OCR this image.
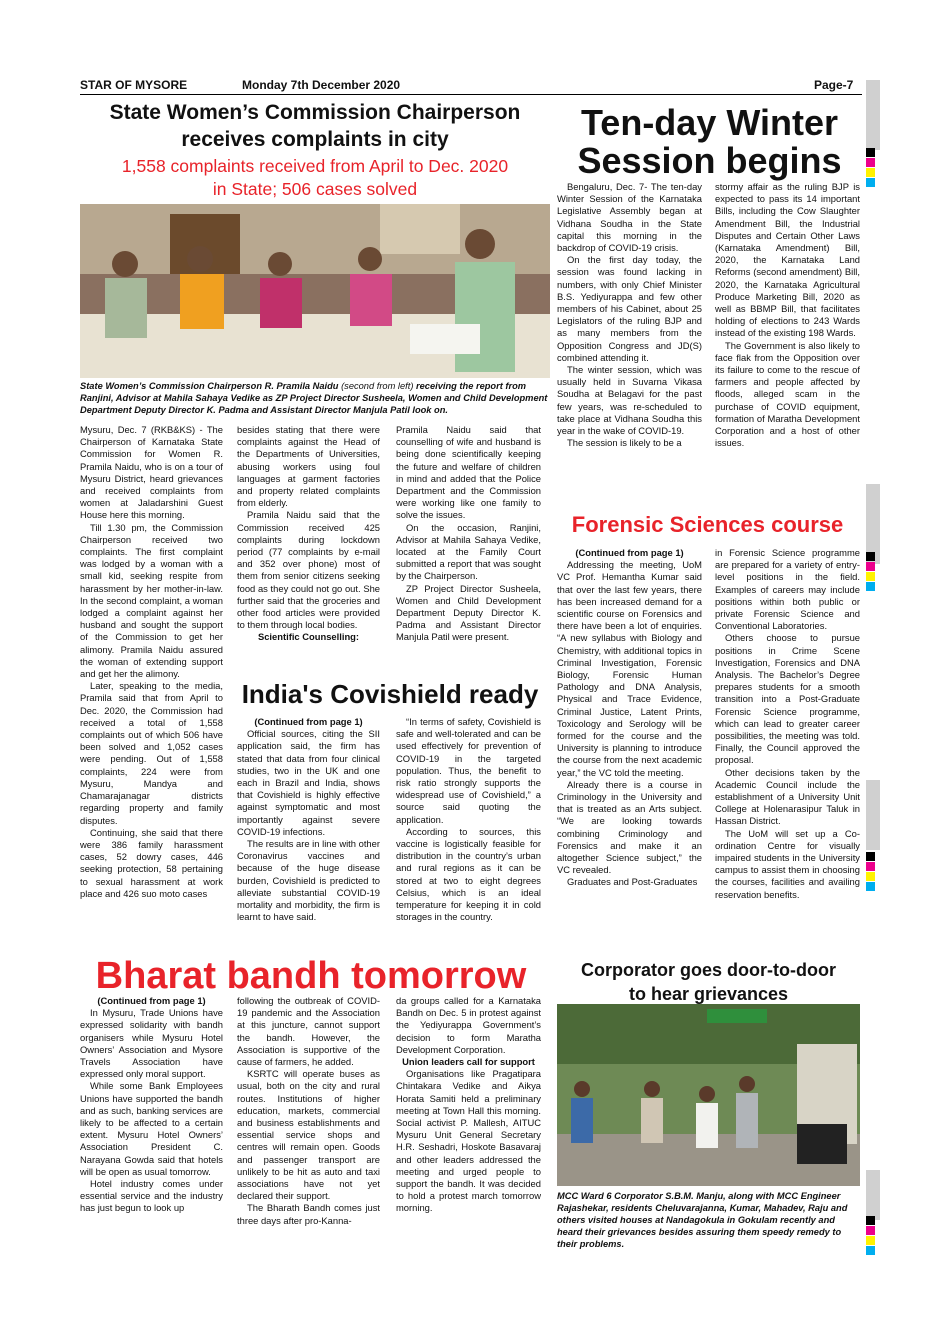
STAR OF MYSORE	Monday 7th December 2020	Page-7
State Women’s Commission Chairperson
receives complaints in city
1,558 complaints received from April to Dec. 2020
in State; 506 cases solved
State Women’s Commission Chairperson R. Pramila Naidu (second from left) receiving the report from Ranjini, Advisor at Mahila Sahaya Vedike as ZP Project Director Susheela, Women and Child Development Department Deputy Director K. Padma and Assistant Director Manjula Patil look on.

Mysuru, Dec. 7 (RKB&KS) - The Chairperson of Karnataka State Commission for Women R. Pramila Naidu, who is on a tour of Mysuru District, heard grievances and received complaints from women at Jaladarshini Guest House here this morning.

Till 1.30 pm, the Commission Chairperson received two complaints. The first complaint was lodged by a woman with a small kid, seeking respite from harassment by her mother-in-law. In the second complaint, a woman lodged a complaint against her husband and sought the support of the Commission to get her alimony. Pramila Naidu assured the woman of extending support and get her the alimony.

Later, speaking to the media, Pramila said that from April to Dec. 2020, the Commission had received a total of 1,558 complaints out of which 506 have been solved and 1,052 cases were pending. Out of 1,558 complaints, 224 were from Mysuru, Mandya and Chamarajanagar districts regarding property and family disputes.

Continuing, she said that there were 386 family harassment cases, 52 dowry cases, 446 seeking protection, 58 pertaining to sexual harassment at work place and 426 suo moto cases

besides stating that there were complaints against the Head of the Departments of Universities, abusing workers using foul languages at garment factories and property related complaints from elderly.

Pramila Naidu said that the Commission received 425 complaints during lockdown period (77 complaints by e-mail and 352 over phone) most of them from senior citizens seeking food as they could not go out. She further said that the groceries and other food articles were provided to them through local bodies.

Scientific Counselling:

Pramila Naidu said that counselling of wife and husband is being done scientifically keeping the future and welfare of children in mind and added that the Police Department and the Commission were working like one family to solve the issues.

On the occasion, Ranjini, Advisor at Mahila Sahaya Vedike, located at the Family Court submitted a report that was sought by the Chairperson.

ZP Project Director Susheela, Women and Child Development Department Deputy Director K. Padma and Assistant Director Manjula Patil were present.

India's Covishield ready

(Continued from page 1)

Official sources, citing the SII application said, the firm has stated that data from four clinical studies, two in the UK and one each in Brazil and India, shows that Covishield is highly effective against symptomatic and most importantly against severe COVID-19 infections.

The results are in line with other Coronavirus vaccines and because of the huge disease burden, Covishield is predicted to alleviate substantial COVID-19 mortality and morbidity, the firm is learnt to have said.

“In terms of safety, Covishield is safe and well-tolerated and can be used effectively for prevention of COVID-19 in the targeted population. Thus, the benefit to risk ratio strongly supports the widespread use of Covishield,” a source said quoting the application.

According to sources, this vaccine is logistically feasible for distribution in the country’s urban and rural regions as it can be stored at two to eight degrees Celsius, which is an ideal temperature for keeping it in cold storages in the country.

Ten-day Winter
Session begins

Bengaluru, Dec. 7- The ten-day Winter Session of the Karnataka Legislative Assembly began at Vidhana Soudha in the State capital this morning in the backdrop of COVID-19 crisis.

On the first day today, the session was found lacking in numbers, with only Chief Minister B.S. Yediyurappa and few other members of his Cabinet, about 25 Legislators of the ruling BJP and as many members from the Opposition Congress and JD(S) combined attending it.

The winter session, which was usually held in Suvarna Vikasa Soudha at Belagavi for the past few years, was re-scheduled to take place at Vidhana Soudha this year in the wake of COVID-19.

The session is likely to be a

stormy affair as the ruling BJP is expected to pass its 14 important Bills, including the Cow Slaughter Amendment Bill, the Industrial Disputes and Certain Other Laws (Karnataka Amendment) Bill, 2020, the Karnataka Land Reforms (second amendment) Bill, 2020, the Karnataka Agricultural Produce Marketing Bill, 2020 as well as BBMP Bill, that facilitates holding of elections to 243 Wards instead of the existing 198 Wards.

The Government is also likely to face flak from the Opposition over its failure to come to the rescue of farmers and people affected by floods, alleged scam in the purchase of COVID equipment, formation of Maratha Development Corporation and a host of other issues.

Forensic Sciences course

(Continued from page 1)

Addressing the meeting, UoM VC Prof. Hemantha Kumar said that over the last few years, there has been increased demand for a scientific course on Forensics and there have been a lot of enquiries. “A new syllabus with Biology and Chemistry, with additional topics in Criminal Investigation, Forensic Biology, Forensic Human Pathology and DNA Analysis, Physical and Trace Evidence, Criminal Justice, Latent Prints, Toxicology and Serology will be formed for the course and the University is planning to introduce the course from the next academic year,” the VC told the meeting.

Already there is a course in Criminology in the University and that is treated as an Arts subject. “We are looking towards combining Criminology and Forensics and make it an altogether Science subject,” the VC revealed.

Graduates and Post-Graduates

in Forensic Science programme are prepared for a variety of entry-level positions in the field. Examples of careers may include positions within both public or private Forensic Science and Conventional Laboratories.

Others choose to pursue positions in Crime Scene Investigation, Forensics and DNA Analysis. The Bachelor’s Degree prepares students for a smooth transition into a Post-Graduate Forensic Science programme, which can lead to greater career possibilities, the meeting was told. Finally, the Council approved the proposal.

Other decisions taken by the Academic Council include the establishment of a University Unit College at Holenarasipur Taluk in Hassan District.

The UoM will set up a Co-ordination Centre for visually impaired students in the University campus to assist them in choosing the courses, facilities and availing reservation benefits.

Bharat bandh tomorrow

(Continued from page 1)

In Mysuru, Trade Unions have expressed solidarity with bandh organisers while Mysuru Hotel Owners’ Association and Mysore Travels Association have expressed only moral support.

While some Bank Employees Unions have supported the bandh and as such, banking services are likely to be affected to a certain extent. Mysuru Hotel Owners’ Association President C. Narayana Gowda said that hotels will be open as usual tomorrow.

Hotel industry comes under essential service and the industry has just begun to look up

following the outbreak of COVID-19 pandemic and the Association at this juncture, cannot support the bandh. However, the Association is supportive of the cause of farmers, he added.

KSRTC will operate buses as usual, both on the city and rural routes. Institutions of higher education, markets, commercial and business establishments and essential service shops and centres will remain open. Goods and passenger transport are unlikely to be hit as auto and taxi associations have not yet declared their support.

The Bharath Bandh comes just three days after pro-Kanna-

da groups called for a Karnataka Bandh on Dec. 5 in protest against the Yediyurappa Government’s decision to form Maratha Development Corporation.

Union leaders call for support

Organisations like Pragatipara Chintakara Vedike and Aikya Horata Samiti held a preliminary meeting at Town Hall this morning. Social activist P. Mallesh, AITUC Mysuru Unit General Secretary H.R. Seshadri, Hoskote Basavaraj and other leaders addressed the meeting and urged people to support the bandh. It was decided to hold a protest march tomorrow morning.

Corporator goes door-to-door
to hear grievances
MCC Ward 6 Corporator S.B.M. Manju, along with MCC Engineer Rajashekar, residents Cheluvarajanna, Kumar, Mahadev, Raju and others visited houses at Nandagokula in Gokulam recently and heard their grievances besides assuring them speedy remedy to their problems.
